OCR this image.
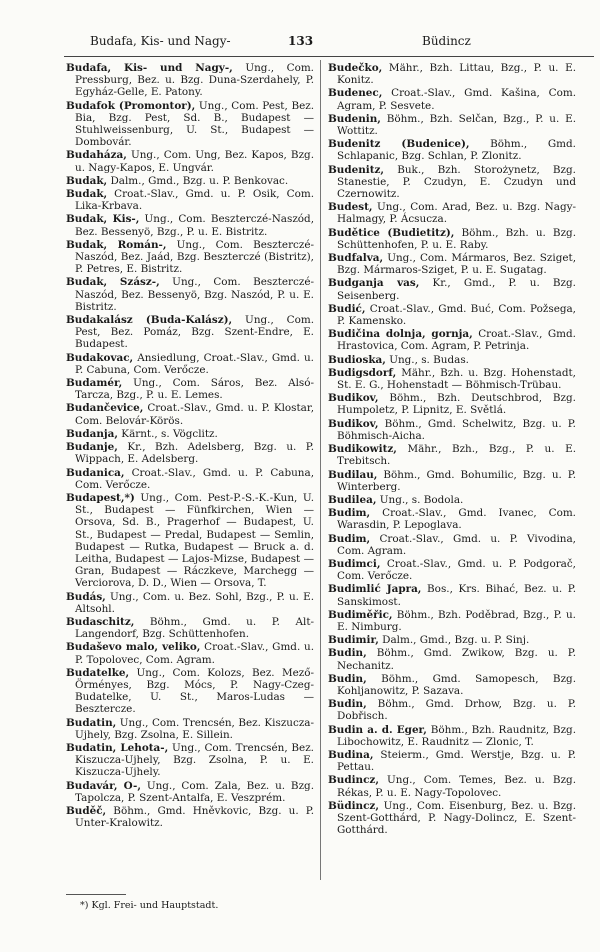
Budafa, Kis- und Nagy-	133	Büdincz

Budafa, Kis- und Nagy-, Ung., Com. Pressburg, Bez. u. Bzg. Duna-Szerdahely, P. Egyház-Gelle, E. Patony.

Budafok (Promontor), Ung., Com. Pest, Bez. Bia, Bzg. Pest, Sd. B., Budapest — Stuhlweissenburg, U. St., Budapest — Dombovár.

Budaháza, Ung., Com. Ung, Bez. Kapos, Bzg. u. Nagy-Kapos, E. Ungvár.

Budak, Dalm., Gmd., Bzg. u. P. Benkovac.

Budak, Croat.-Slav., Gmd. u. P. Osik, Com. Lika-Krbava.

Budak, Kis-, Ung., Com. Beszterczé-Naszód, Bez. Bessenyö, Bzg., P. u. E. Bistritz.

Budak, Román-, Ung., Com. Beszterczé-Naszód, Bez. Jaád, Bzg. Beszterczé (Bistritz), P. Petres, E. Bistritz.

Budak, Szász-, Ung., Com. Beszterczé-Naszód, Bez. Bessenyö, Bzg. Naszód, P. u. E. Bistritz.

Budakalász (Buda-Kalász), Ung., Com. Pest, Bez. Pomáz, Bzg. Szent-Endre, E. Budapest.

Budakovac, Ansiedlung, Croat.-Slav., Gmd. u. P. Cabuna, Com. Verőcze.

Budamér, Ung., Com. Sáros, Bez. Alsó-Tarcza, Bzg., P. u. E. Lemes.

Budančevice, Croat.-Slav., Gmd. u. P. Klostar, Com. Belovár-Körös.

Budanja, Kärnt., s. Vögclitz.

Budanje, Kr., Bzh. Adelsberg, Bzg. u. P. Wippach, E. Adelsberg.

Budanica, Croat.-Slav., Gmd. u. P. Cabuna, Com. Verőcze.

Budapest,*) Ung., Com. Pest-P.-S.-K.-Kun, U. St., Budapest — Fünfkirchen, Wien — Orsova, Sd. B., Pragerhof — Budapest, U. St., Budapest — Predal, Budapest — Semlin, Budapest — Rutka, Budapest — Bruck a. d. Leitha, Budapest — Lajos-Mizse, Budapest — Gran, Budapest — Ráczkeve, Marchegg — Verciorova, D. D., Wien — Orsova, T.

Budás, Ung., Com. u. Bez. Sohl, Bzg., P. u. E. Altsohl.

Budaschitz, Böhm., Gmd. u. P. Alt-Langendorf, Bzg. Schüttenhofen.

Budaševo malo, veliko, Croat.-Slav., Gmd. u. P. Topolovec, Com. Agram.

Budatelke, Ung., Com. Kolozs, Bez. Mező-Örményes, Bzg. Mócs, P. Nagy-Czeg-Budatelke, U. St., Maros-Ludas — Besztercze.

Budatin, Ung., Com. Trencsén, Bez. Kiszucza-Ujhely, Bzg. Zsolna, E. Sillein.

Budatin, Lehota-, Ung., Com. Trencsén, Bez. Kiszucza-Ujhely, Bzg. Zsolna, P. u. E. Kiszucza-Ujhely.

Budavár, O-, Ung., Com. Zala, Bez. u. Bzg. Tapolcza, P. Szent-Antalfa, E. Veszprém.

Buděč, Böhm., Gmd. Hněvkovic, Bzg. u. P. Unter-Kralowitz.

Budečko, Mähr., Bzh. Littau, Bzg., P. u. E. Konitz.

Budenec, Croat.-Slav., Gmd. Kašina, Com. Agram, P. Sesvete.

Budenin, Böhm., Bzh. Selčan, Bzg., P. u. E. Wottitz.

Budenitz (Budenice), Böhm., Gmd. Schlapanic, Bzg. Schlan, P. Zlonitz.

Budenitz, Buk., Bzh. Storożynetz, Bzg. Stanestie, P. Czudyn, E. Czudyn und Czernowitz.

Budest, Ung., Com. Arad, Bez. u. Bzg. Nagy-Halmagy, P. Ácsucza.

Budětice (Budietitz), Böhm., Bzh. u. Bzg. Schüttenhofen, P. u. E. Raby.

Budfalva, Ung., Com. Mármaros, Bez. Sziget, Bzg. Mármaros-Sziget, P. u. E. Sugatag.

Budganja vas, Kr., Gmd., P. u. Bzg. Seisenberg.

Budić, Croat.-Slav., Gmd. Buć, Com. Požsega, P. Kamensko.

Budičina dolnja, gornja, Croat.-Slav., Gmd. Hrastovica, Com. Agram, P. Petrinja.

Budioska, Ung., s. Budas.

Budigsdorf, Mähr., Bzh. u. Bzg. Hohenstadt, St. E. G., Hohenstadt — Böhmisch-Trübau.

Budikov, Böhm., Bzh. Deutschbrod, Bzg. Humpoletz, P. Lipnitz, E. Světlá.

Budikov, Böhm., Gmd. Schelwitz, Bzg. u. P. Böhmisch-Aicha.

Budikowitz, Mähr., Bzh., Bzg., P. u. E. Trebitsch.

Budilau, Böhm., Gmd. Bohumilic, Bzg. u. P. Winterberg.

Budilea, Ung., s. Bodola.

Budim, Croat.-Slav., Gmd. Ivanec, Com. Warasdin, P. Lepoglava.

Budim, Croat.-Slav., Gmd. u. P. Vivodina, Com. Agram.

Budimci, Croat.-Slav., Gmd. u. P. Podgorač, Com. Verőcze.

Budimlić Japra, Bos., Krs. Bihać, Bez. u. P. Sanskimost.

Budiměřic, Böhm., Bzh. Poděbrad, Bzg., P. u. E. Nimburg.

Budimir, Dalm., Gmd., Bzg. u. P. Sinj.

Budin, Böhm., Gmd. Zwikow, Bzg. u. P. Nechanitz.

Budin, Böhm., Gmd. Samopesch, Bzg. Kohljanowitz, P. Sazava.

Budin, Böhm., Gmd. Drhow, Bzg. u. P. Dobřisch.

Budin a. d. Eger, Böhm., Bzh. Raudnitz, Bzg. Libochowitz, E. Raudnitz — Zlonic, T.

Budina, Steierm., Gmd. Werstje, Bzg. u. P. Pettau.

Budincz, Ung., Com. Temes, Bez. u. Bzg. Rékas, P. u. E. Nagy-Topolovec.

Büdincz, Ung., Com. Eisenburg, Bez. u. Bzg. Szent-Gotthárd, P. Nagy-Dolincz, E. Szent-Gotthárd.

*) Kgl. Frei- und Hauptstadt.
